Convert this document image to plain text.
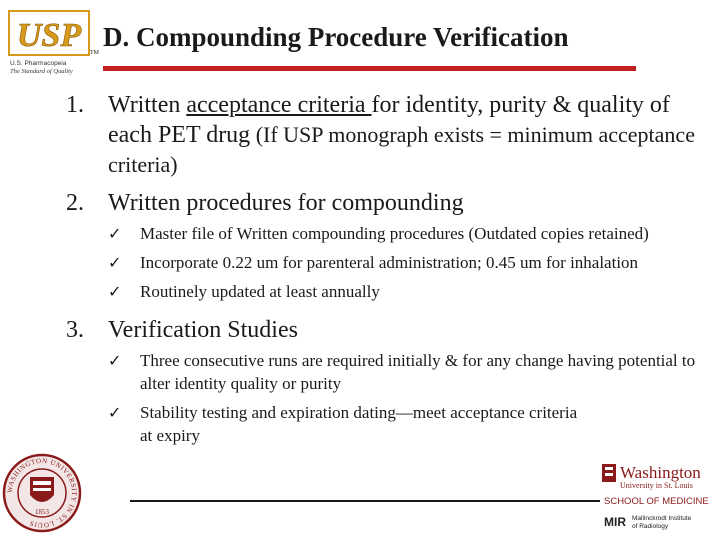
USP
U.S. Pharmacopeia
The Standard of Quality
TM
D. Compounding Procedure Verification
1. Written acceptance criteria for identity, purity & quality of each PET drug (If USP monograph exists = minimum acceptance criteria)
2. Written procedures for compounding
✓ Master file of Written compounding procedures (Outdated copies retained)
✓ Incorporate 0.22 um for parenteral administration; 0.45 um for inhalation
✓ Routinely updated at least annually
3. Verification Studies
✓ Three consecutive runs are required initially & for any change having potential to alter identity quality or purity
✓ Stability testing and expiration dating—meet acceptance criteria at expiry
WASHINGTON UNIVERSITY IN ST. LOUIS
1853
Washington
University in St. Louis
SCHOOL OF MEDICINE
MIR Mallinckrodt Institute
of Radiology
